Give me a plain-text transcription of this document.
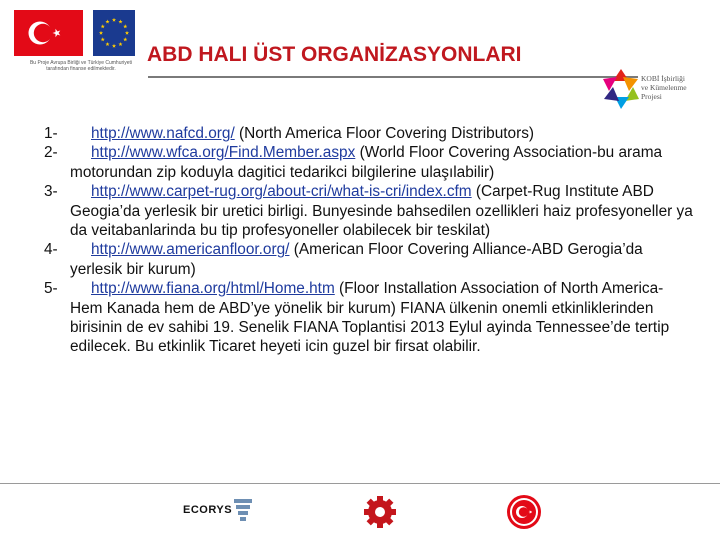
Bu Proje Avrupa Birliği ve Türkiye Cumhuriyeti tarafından finanse edilmektedir.
ABD HALI ÜST ORGANİZASYONLARI
KOBİ İşbirliği
ve Kümelenme
Projesi

1- http://www.nafcd.org/ (North America Floor Covering Distributors)

2- http://www.wfca.org/Find.Member.aspx (World Floor Covering Association-bu arama motorundan zip koduyla dagitici tedarikci bilgilerine ulaşılabilir)

3- http://www.carpet-rug.org/about-cri/what-is-cri/index.cfm (Carpet-Rug Institute ABD Geogia’da yerlesik bir uretici birligi. Bunyesinde bahsedilen ozellikleri haiz profesyoneller ya da veitabanlarinda bu tip profesyoneller olabilecek bir teskilat)

4- http://www.americanfloor.org/ (American Floor Covering Alliance-ABD Gerogia’da yerlesik bir kurum)

5- http://www.fiana.org/html/Home.htm (Floor Installation Association of North America-Hem Kanada hem de ABD’ye yönelik bir kurum) FIANA ülkenin onemli etkinliklerinden birisinin de ev sahibi 19. Senelik FIANA Toplantisi 2013 Eylul ayinda Tennessee’de tertip edilecek. Bu etkinlik Ticaret heyeti icin guzel bir firsat olabilir.

ECORYS
